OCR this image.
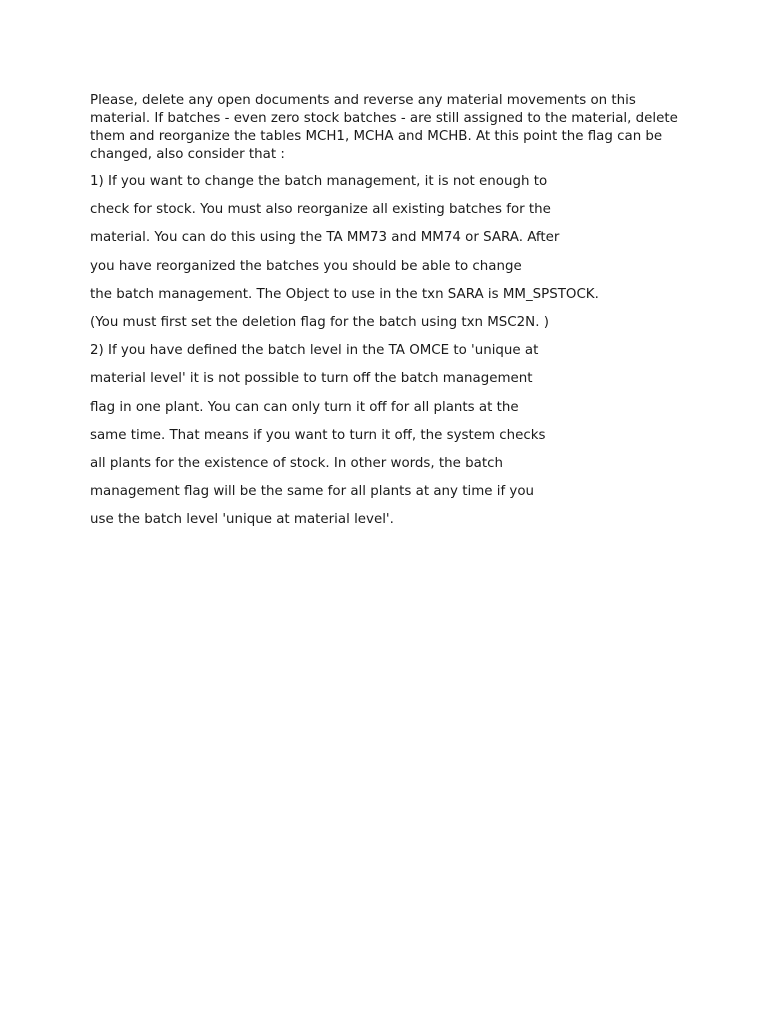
Please, delete any open documents and reverse any material movements on this material. If batches - even zero stock batches - are still assigned to the material, delete them and reorganize the tables MCH1, MCHA and MCHB. At this point the flag can be changed, also consider that :

1) If you want to change the batch management, it is not enough to
check for stock. You must also reorganize all existing batches for the
material. You can do this using the TA MM73 and MM74 or SARA. After
you have reorganized the batches you should be able to change
the batch management. The Object to use in the txn SARA is MM_SPSTOCK.
(You must first set the deletion flag for the batch using txn MSC2N. )
2) If you have defined the batch level in the TA OMCE to 'unique at
material level' it is not possible to turn off the batch management
flag in one plant. You can can only turn it off for all plants at the
same time. That means if you want to turn it off, the system checks
all plants for the existence of stock. In other words, the batch
management flag will be the same for all plants at any time if you
use the batch level 'unique at material level'.
